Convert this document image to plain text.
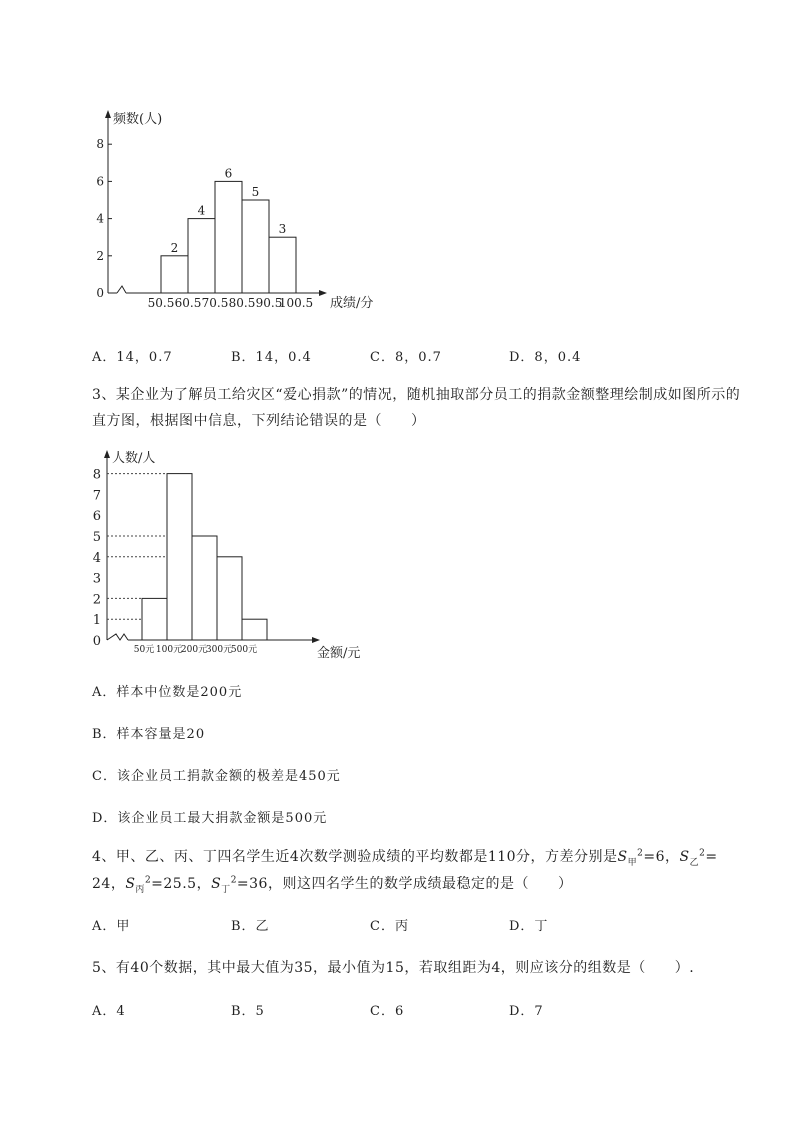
频数(人)
成绩/分
0
2
4
6
8
2
4
6
5
3
50.5 60.5 70.5 80.5 90.5
100.5
A．14，0.7	B．14，0.4	C．8，0.7	D．8，0.4
3、某企业为了解员工给灾区“爱心捐款”的情况，随机抽取部分员工的捐款金额整理绘制成如图所示的直方图，根据图中信息，下列结论错误的是（　　）
人数/人
金额/元
0
1
2
3
4
5
6
7
8
50元 100元
200元
300元
500元
A．样本中位数是200元
B．样本容量是20
C．该企业员工捐款金额的极差是450元
D．该企业员工最大捐款金额是500元
4、甲、乙、丙、丁四名学生近4次数学测验成绩的平均数都是110分，方差分别是$S_甲^2=6$，$S_乙^2=$
24，$S_丙^2=25.5$，$S_丁^2=36$，则这四名学生的数学成绩最稳定的是（　　）
A．甲	B．乙	C．丙	D．丁
5、有40个数据，其中最大值为35，最小值为15，若取组距为4，则应该分的组数是（　　）.
A．4	B．5	C．6	D．7
